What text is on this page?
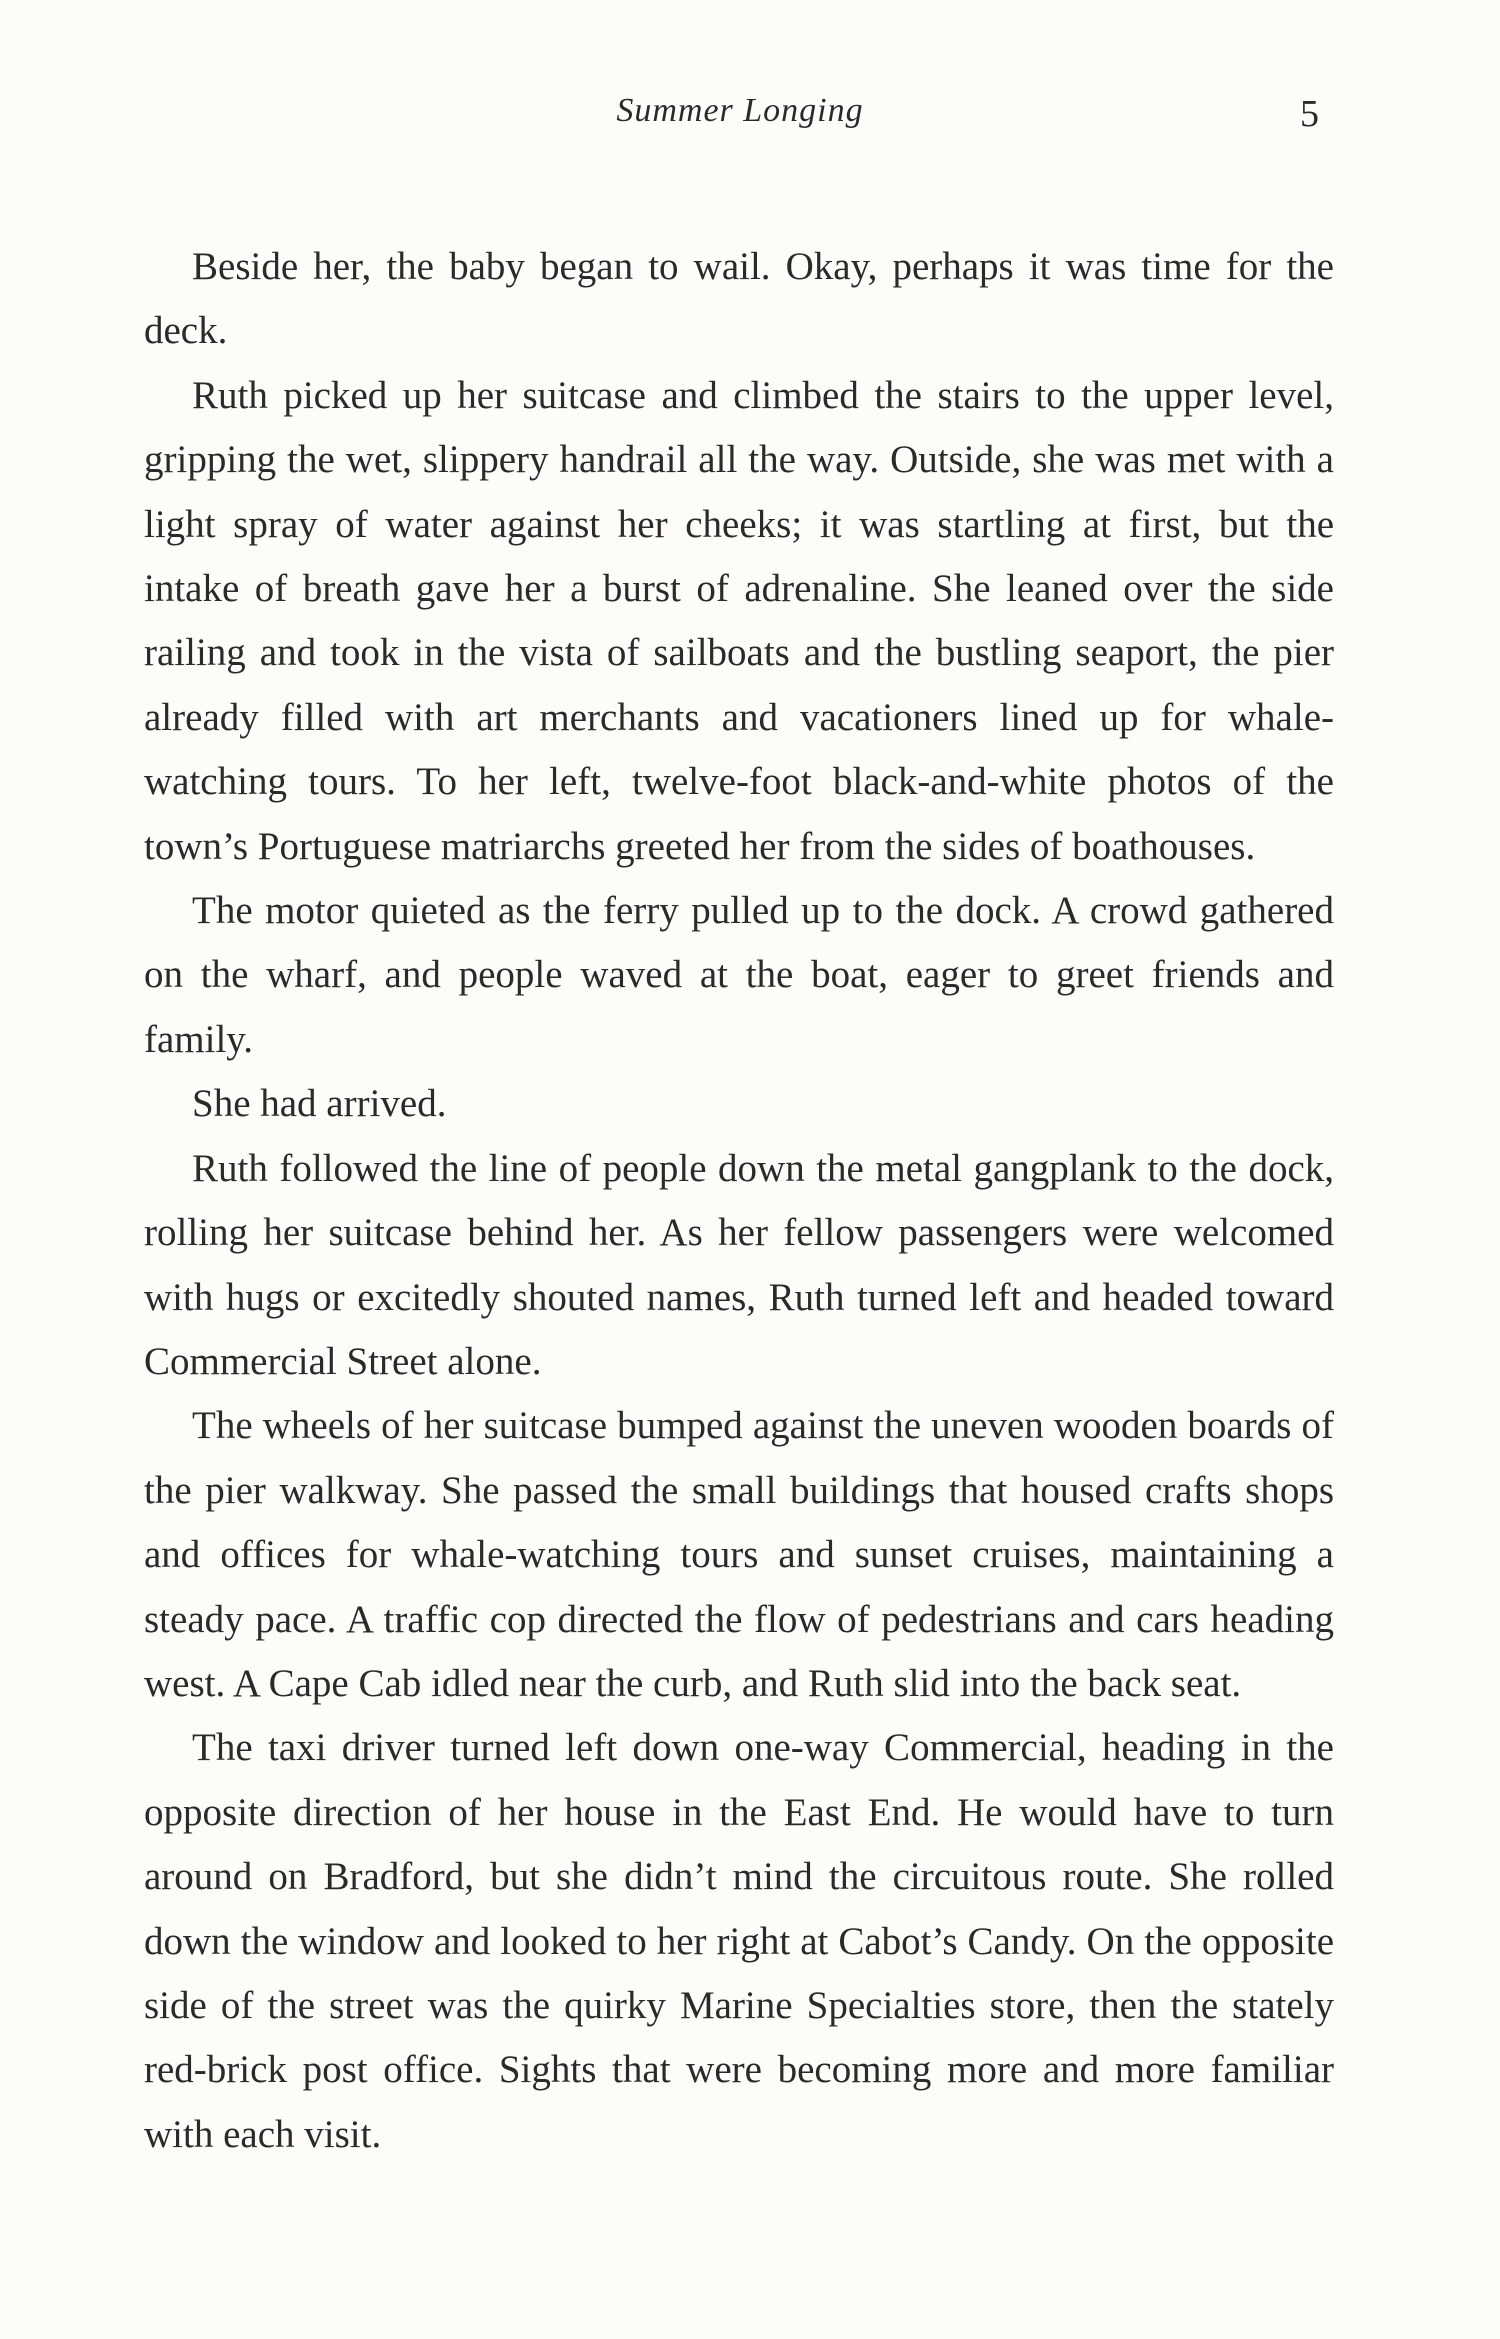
Summer Longing	5

Beside her, the baby began to wail. Okay, perhaps it was time for the deck.

Ruth picked up her suitcase and climbed the stairs to the upper level, gripping the wet, slippery handrail all the way. Outside, she was met with a light spray of water against her cheeks; it was startling at first, but the intake of breath gave her a burst of adrenaline. She leaned over the side railing and took in the vista of sailboats and the bustling seaport, the pier already filled with art merchants and vacationers lined up for whale-watching tours. To her left, twelve-foot black-and-white photos of the town’s Portuguese matriarchs greeted her from the sides of boathouses.

The motor quieted as the ferry pulled up to the dock. A crowd gathered on the wharf, and people waved at the boat, eager to greet friends and family.

She had arrived.

Ruth followed the line of people down the metal gangplank to the dock, rolling her suitcase behind her. As her fellow passengers were welcomed with hugs or excitedly shouted names, Ruth turned left and headed toward Commercial Street alone.

The wheels of her suitcase bumped against the uneven wooden boards of the pier walkway. She passed the small buildings that housed crafts shops and offices for whale-watching tours and sunset cruises, maintaining a steady pace. A traffic cop directed the flow of pedestrians and cars heading west. A Cape Cab idled near the curb, and Ruth slid into the back seat.

The taxi driver turned left down one-way Commercial, heading in the opposite direction of her house in the East End. He would have to turn around on Bradford, but she didn’t mind the circuitous route. She rolled down the window and looked to her right at Cabot’s Candy. On the opposite side of the street was the quirky Marine Specialties store, then the stately red-brick post office. Sights that were becoming more and more familiar with each visit.
